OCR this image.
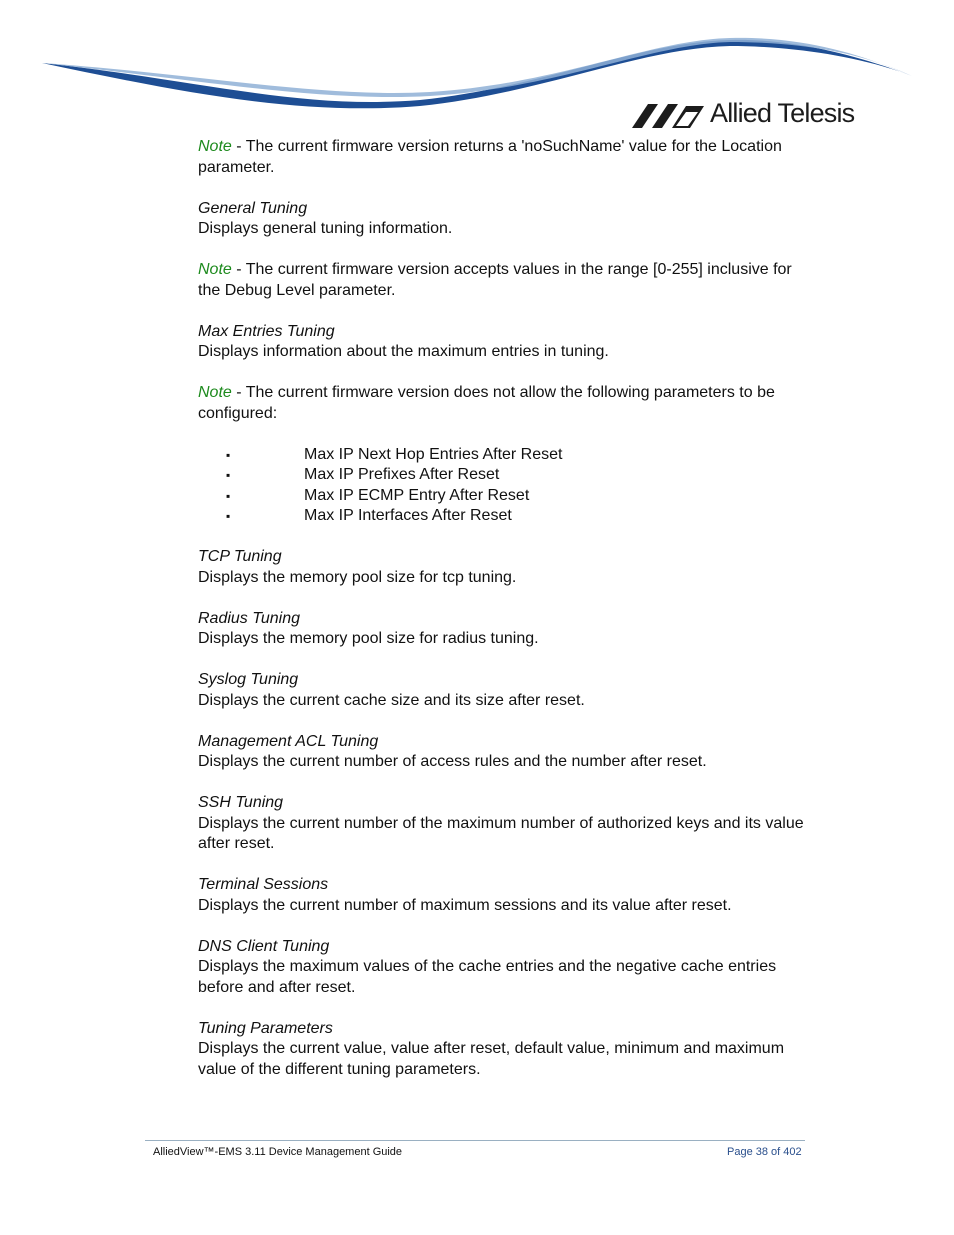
Allied Telesis

Note - The current firmware version returns a 'noSuchName' value for the Location parameter.

General Tuning
Displays general tuning information.

Note - The current firmware version accepts values in the range [0-255] inclusive for the Debug Level parameter.

Max Entries Tuning
Displays information about the maximum entries in tuning.

Note - The current firmware version does not allow the following parameters to be configured:

▪	Max IP Next Hop Entries After Reset
▪	Max IP Prefixes After Reset
▪	Max IP ECMP Entry After Reset
▪	Max IP Interfaces After Reset
TCP Tuning
Displays the memory pool size for tcp tuning.
Radius Tuning
Displays the memory pool size for radius tuning.
Syslog Tuning
Displays the current cache size and its size after reset.
Management ACL Tuning
Displays the current number of access rules and the number after reset.
SSH Tuning
Displays the current number of the maximum number of authorized keys and its value after reset.
Terminal Sessions
Displays the current number of maximum sessions and its value after reset.
DNS Client Tuning
Displays the maximum values of the cache entries and the negative cache entries before and after reset.
Tuning Parameters
Displays the current value, value after reset, default value, minimum and maximum value of the different tuning parameters.
AlliedView™-EMS 3.11 Device Management Guide	Page 38 of 402
